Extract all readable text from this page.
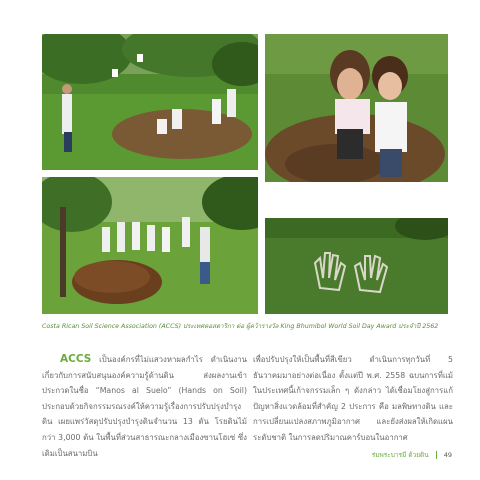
Costa Rican Soil Science Association (ACCS) ประเทศคอสตาริกา ต่อ ผู้คว้ารางวัล King Bhumibol World Soil Day Award ประจำปี 2562

ACCS เป็นองค์กรที่ไม่แสวงหาผลกำไร ดำเนินงานเกี่ยวกับการสนับสนุนองค์ความรู้ด้านดิน ส่งผลงานเข้าประกวดในชื่อ “Manos al Suelo” (Hands on Soil) ประกอบด้วยกิจกรรมรณรงค์ให้ความรู้เรื่องการปรับปรุงบำรุงดิน เผยแพร่วัสดุปรับปรุงบำรุงดินจำนวน 13 ตัน โรยดินไม้กว่า 3,000 ต้น ในพื้นที่ส่วนสาธารณะกลางเมืองซานโฮเซ่ ซึ่งเดิมเป็นสนามบิน

เพื่อปรับปรุงให้เป็นพื้นที่สีเขียว ดำเนินการทุกวันที่ 5 ธันวาคมมาอย่างต่อเนื่อง ตั้งแต่ปี พ.ศ. 2558 ฉบนการที่แม้ในประเทศนี้เก้าจกรรมเล็ก ๆ ดังกล่าว ได้เชื่อมโยงสู่การแก้ปัญหาสิ่งแวดล้อมที่สำคัญ 2 ประการ คือ มลพิษทางดิน และการเปลี่ยนแปลงสภาพภูมิอากาศ และยังส่งผลให้เกิดแผนระดับชาติ ในการลดปริมาณคาร์บอนในอากาศ

ร่มพระบารมี ด้วยดิน 49
